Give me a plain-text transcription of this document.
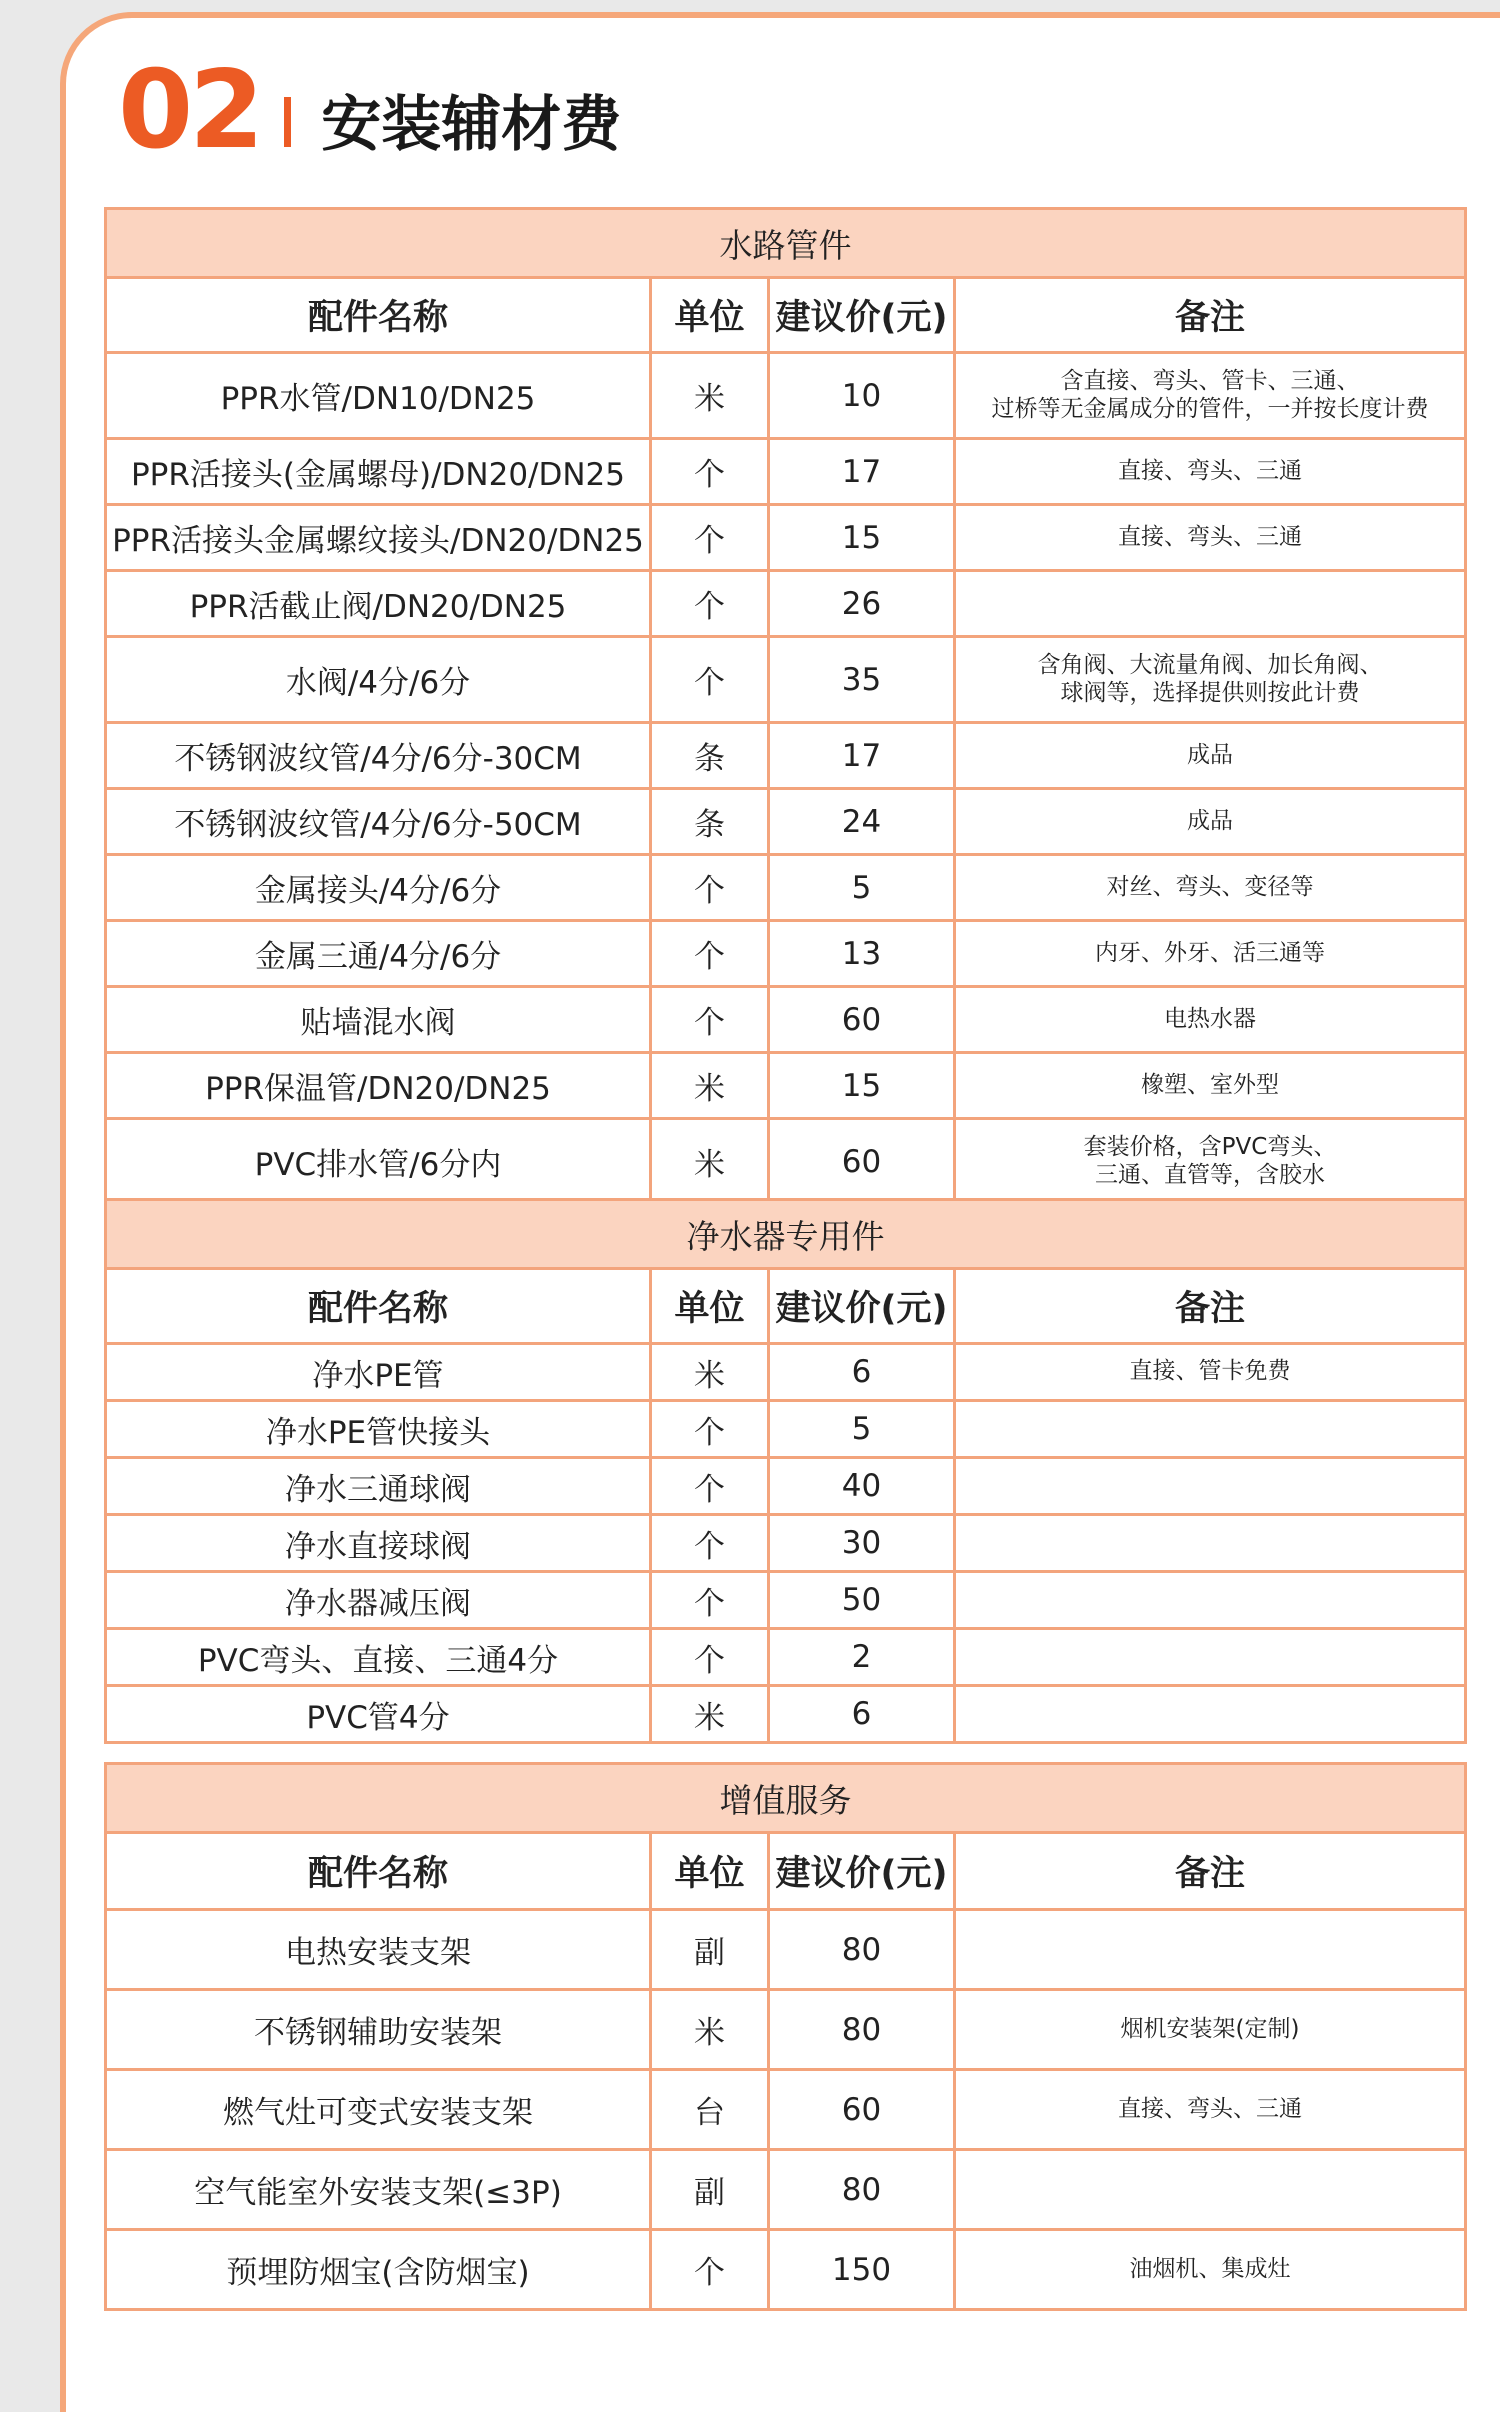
02 安装辅材费
水路管件			
配件名称	单位	建议价(元)	备注
PPR水管/DN10/DN25	米	10	含直接、弯头、管卡、三通、
过桥等无金属成分的管件，一并按长度计费
PPR活接头(金属螺母)/DN20/DN25	个	17	直接、弯头、三通
PPR活接头金属螺纹接头/DN20/DN25	个	15	直接、弯头、三通
PPR活截止阀/DN20/DN25	个	26	
水阀/4分/6分	个	35	含角阀、大流量角阀、加长角阀、
球阀等，选择提供则按此计费
不锈钢波纹管/4分/6分-30CM	条	17	成品
不锈钢波纹管/4分/6分-50CM	条	24	成品
金属接头/4分/6分	个	5	对丝、弯头、变径等
金属三通/4分/6分	个	13	内牙、外牙、活三通等
贴墙混水阀	个	60	电热水器
PPR保温管/DN20/DN25	米	15	橡塑、室外型
PVC排水管/6分内	米	60	套装价格，含PVC弯头、
三通、直管等，含胶水
净水器专用件			
配件名称	单位	建议价(元)	备注
净水PE管	米	6	直接、管卡免费
净水PE管快接头	个	5	
净水三通球阀	个	40	
净水直接球阀	个	30	
净水器减压阀	个	50	
PVC弯头、直接、三通4分	个	2	
PVC管4分	米	6	
增值服务			
配件名称	单位	建议价(元)	备注
电热安装支架	副	80	
不锈钢辅助安装架	米	80	烟机安装架(定制)
燃气灶可变式安装支架	台	60	直接、弯头、三通
空气能室外安装支架(≤3P)	副	80	
预埋防烟宝(含防烟宝)	个	150	油烟机、集成灶
